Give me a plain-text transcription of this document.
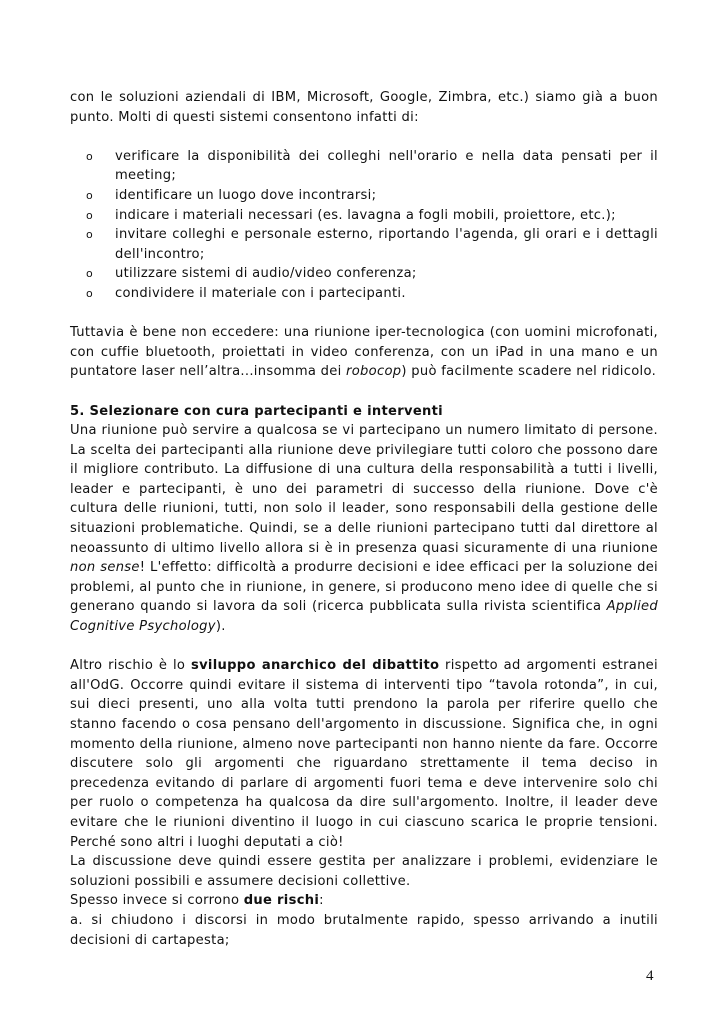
con le soluzioni aziendali di IBM, Microsoft, Google, Zimbra, etc.) siamo già a buon punto. Molti di questi sistemi consentono infatti di:

o verificare la disponibilità dei colleghi nell'orario e nella data pensati per il meeting;
o identificare un luogo dove incontrarsi;
o indicare i materiali necessari (es. lavagna a fogli mobili, proiettore, etc.);
o invitare colleghi e personale esterno, riportando l'agenda, gli orari e i dettagli dell'incontro;
o utilizzare sistemi di audio/video conferenza;
o condividere il materiale con i partecipanti.

Tuttavia è bene non eccedere: una riunione iper-tecnologica (con uomini microfonati, con cuffie bluetooth, proiettati in video conferenza, con un iPad in una mano e un puntatore laser nell’altra...insomma dei robocop) può facilmente scadere nel ridicolo.

5. Selezionare con cura partecipanti e interventi

Una riunione può servire a qualcosa se vi partecipano un numero limitato di persone. La scelta dei partecipanti alla riunione deve privilegiare tutti coloro che possono dare il migliore contributo. La diffusione di una cultura della responsabilità a tutti i livelli, leader e partecipanti, è uno dei parametri di successo della riunione. Dove c'è cultura delle riunioni, tutti, non solo il leader, sono responsabili della gestione delle situazioni problematiche. Quindi, se a delle riunioni partecipano tutti dal direttore al neoassunto di ultimo livello allora si è in presenza quasi sicuramente di una riunione non sense! L'effetto: difficoltà a produrre decisioni e idee efficaci per la soluzione dei problemi, al punto che in riunione, in genere, si producono meno idee di quelle che si generano quando si lavora da soli (ricerca pubblicata sulla rivista scientifica Applied Cognitive Psychology).

Altro rischio è lo sviluppo anarchico del dibattito rispetto ad argomenti estranei all'OdG. Occorre quindi evitare il sistema di interventi tipo “tavola rotonda”, in cui, sui dieci presenti, uno alla volta tutti prendono la parola per riferire quello che stanno facendo o cosa pensano dell'argomento in discussione. Significa che, in ogni momento della riunione, almeno nove partecipanti non hanno niente da fare. Occorre discutere solo gli argomenti che riguardano strettamente il tema deciso in precedenza evitando di parlare di argomenti fuori tema e deve intervenire solo chi per ruolo o competenza ha qualcosa da dire sull'argomento. Inoltre, il leader deve evitare che le riunioni diventino il luogo in cui ciascuno scarica le proprie tensioni. Perché sono altri i luoghi deputati a ciò!

La discussione deve quindi essere gestita per analizzare i problemi, evidenziare le soluzioni possibili e assumere decisioni collettive.

Spesso invece si corrono due rischi:

a. si chiudono i discorsi in modo brutalmente rapido, spesso arrivando a inutili decisioni di cartapesta;

4
